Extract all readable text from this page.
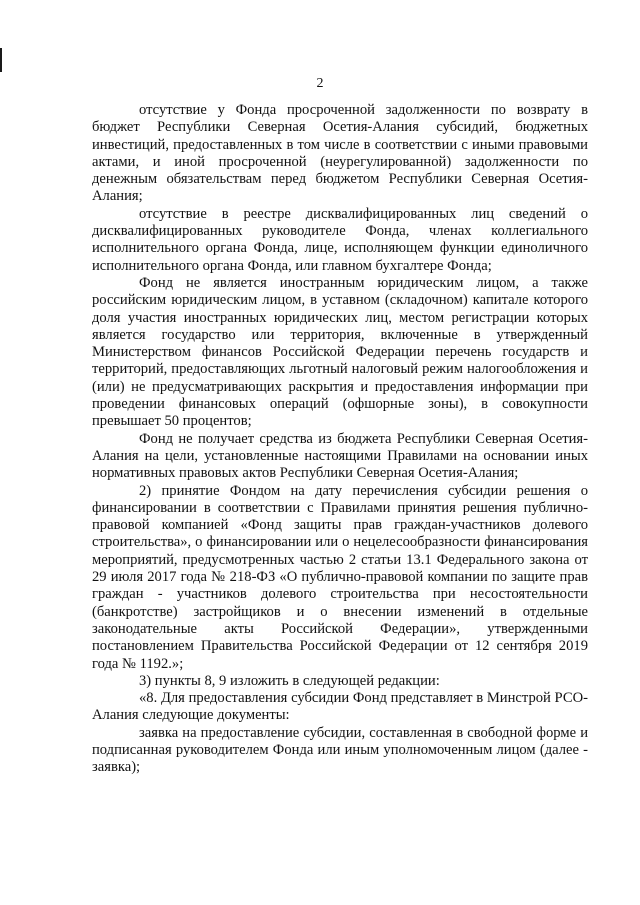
2

отсутствие у Фонда просроченной задолженности по возврату в бюджет Республики Северная Осетия-Алания субсидий, бюджетных инвестиций, предоставленных в том числе в соответствии с иными правовыми актами, и иной просроченной (неурегулированной) задолженности по денежным обязательствам перед бюджетом Республики Северная Осетия-Алания;

отсутствие в реестре дисквалифицированных лиц сведений о дисквалифицированных руководителе Фонда, членах коллегиального исполнительного органа Фонда, лице, исполняющем функции единоличного исполнительного органа Фонда, или главном бухгалтере Фонда;

Фонд не является иностранным юридическим лицом, а также российским юридическим лицом, в уставном (складочном) капитале которого доля участия иностранных юридических лиц, местом регистрации которых является государство или территория, включенные в утвержденный Министерством финансов Российской Федерации перечень государств и территорий, предоставляющих льготный налоговый режим налогообложения и (или) не предусматривающих раскрытия и предоставления информации при проведении финансовых операций (офшорные зоны), в совокупности превышает 50 процентов;

Фонд не получает средства из бюджета Республики Северная Осетия-Алания на цели, установленные настоящими Правилами на основании иных нормативных правовых актов Республики Северная Осетия-Алания;

2) принятие Фондом на дату перечисления субсидии решения о финансировании в соответствии с Правилами принятия решения публично-правовой компанией «Фонд защиты прав граждан-участников долевого строительства», о финансировании или о нецелесообразности финансирования мероприятий, предусмотренных частью 2 статьи 13.1 Федерального закона от 29 июля 2017 года № 218-ФЗ «О публично-правовой компании по защите прав граждан - участников долевого строительства при несостоятельности (банкротстве) застройщиков и о внесении изменений в отдельные законодательные акты Российской Федерации», утвержденными постановлением Правительства Российской Федерации от 12 сентября 2019 года № 1192.»;

3) пункты 8, 9 изложить в следующей редакции:

«8. Для предоставления субсидии Фонд представляет в Минстрой РСО-Алания следующие документы:

заявка на предоставление субсидии, составленная в свободной форме и подписанная руководителем Фонда или иным уполномоченным лицом (далее - заявка);
